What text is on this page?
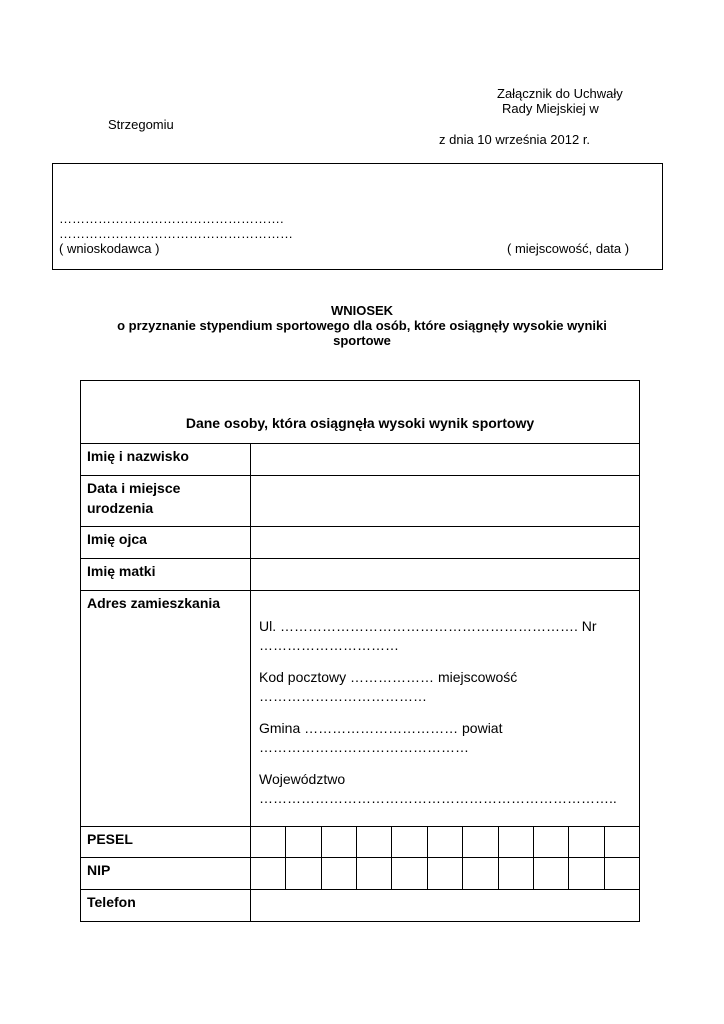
Załącznik do Uchwały
Rady Miejskiej w
Strzegomiu
z dnia 10 września 2012 r.
…………………………………………….
………………………………………………
( wnioskodawca )	( miejscowość, data )
WNIOSEK
o przyznanie stypendium sportowego dla osób, które osiągnęły wysokie wyniki
sportowe
Dane osoby, która osiągnęła wysoki wynik sportowy	
Imię i nazwisko	
Data i miejsce urodzenia	
Imię ojca	
Imię matki	
Adres zamieszkania	Ul. ………………………………………………………. Nr …………………………

Kod pocztowy ……………… miejscowość ………………………………

Gmina …………………………… powiat ………………………………………

Województwo …………………………………………………………………..

PESEL	

NIP	

Telefon	
